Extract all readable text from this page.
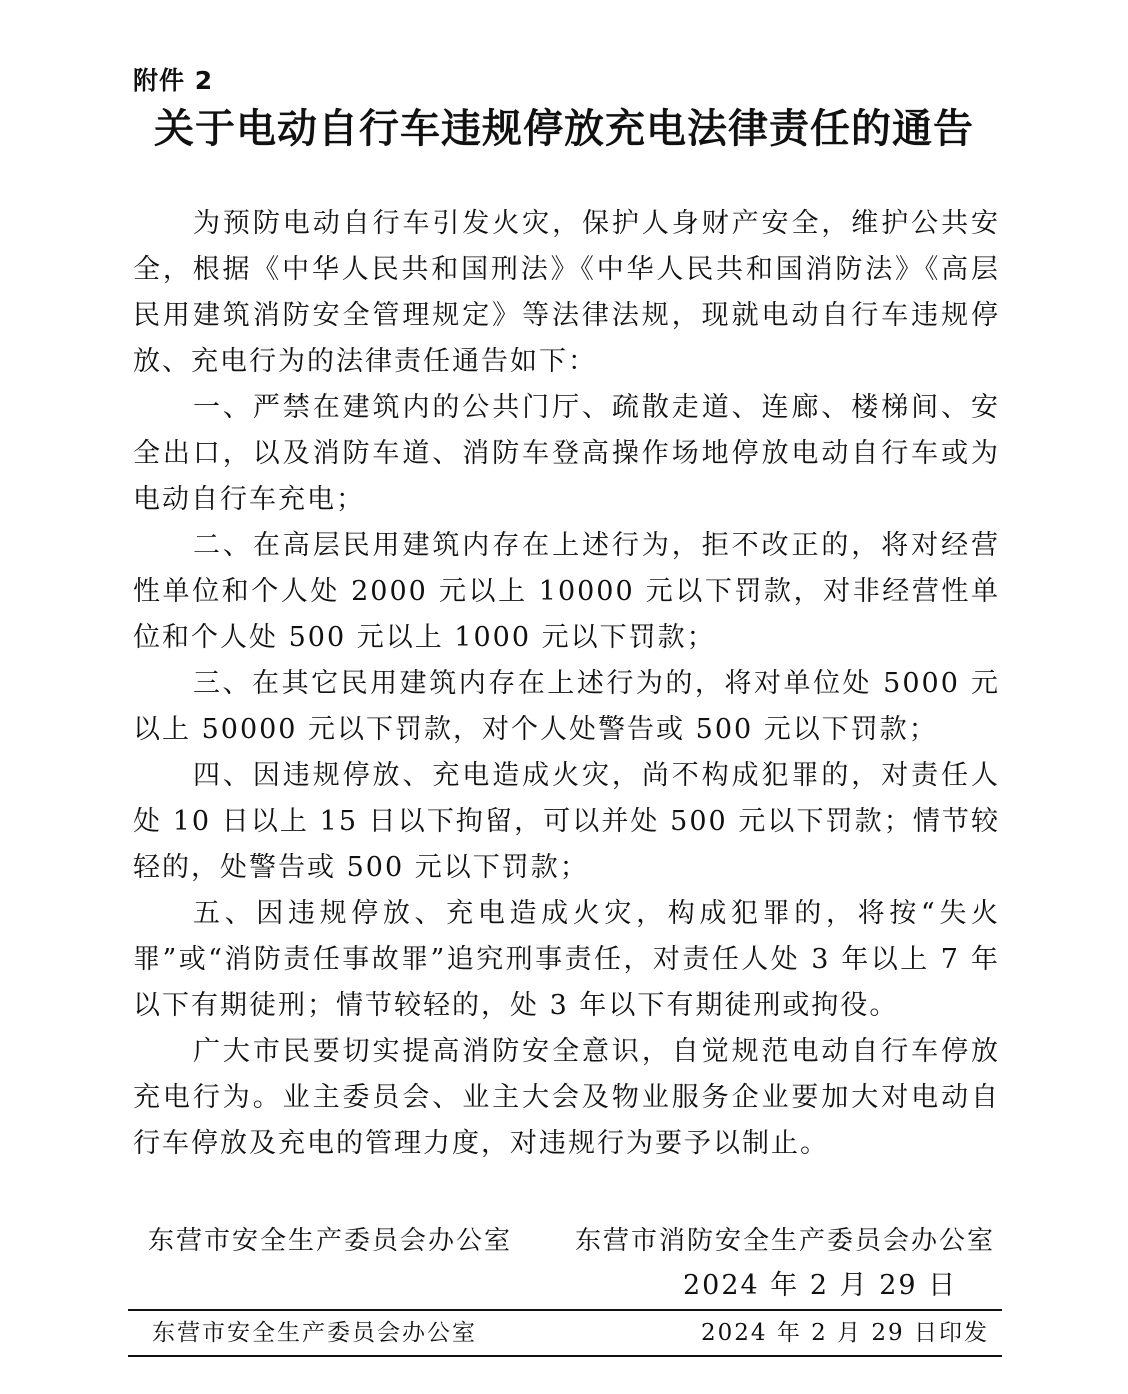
附件 2
关于电动自行车违规停放充电法律责任的通告

为预防电动自行车引发火灾，保护人身财产安全，维护公共安全，根据《中华人民共和国刑法》《中华人民共和国消防法》《高层民用建筑消防安全管理规定》等法律法规，现就电动自行车违规停放、充电行为的法律责任通告如下：

一、严禁在建筑内的公共门厅、疏散走道、连廊、楼梯间、安全出口，以及消防车道、消防车登高操作场地停放电动自行车或为电动自行车充电；

二、在高层民用建筑内存在上述行为，拒不改正的，将对经营性单位和个人处 2000 元以上 10000 元以下罚款，对非经营性单位和个人处 500 元以上 1000 元以下罚款；

三、在其它民用建筑内存在上述行为的，将对单位处 5000 元以上 50000 元以下罚款，对个人处警告或 500 元以下罚款；

四、因违规停放、充电造成火灾，尚不构成犯罪的，对责任人处 10 日以上 15 日以下拘留，可以并处 500 元以下罚款；情节较轻的，处警告或 500 元以下罚款；

五、因违规停放、充电造成火灾，构成犯罪的，将按“失火罪”或“消防责任事故罪”追究刑事责任，对责任人处 3 年以上 7 年以下有期徒刑；情节较轻的，处 3 年以下有期徒刑或拘役。

广大市民要切实提高消防安全意识，自觉规范电动自行车停放充电行为。业主委员会、业主大会及物业服务企业要加大对电动自行车停放及充电的管理力度，对违规行为要予以制止。

东营市安全生产委员会办公室 东营市消防安全生产委员会办公室
2024 年 2 月 29 日
东营市安全生产委员会办公室	2024 年 2 月 29 日印发
